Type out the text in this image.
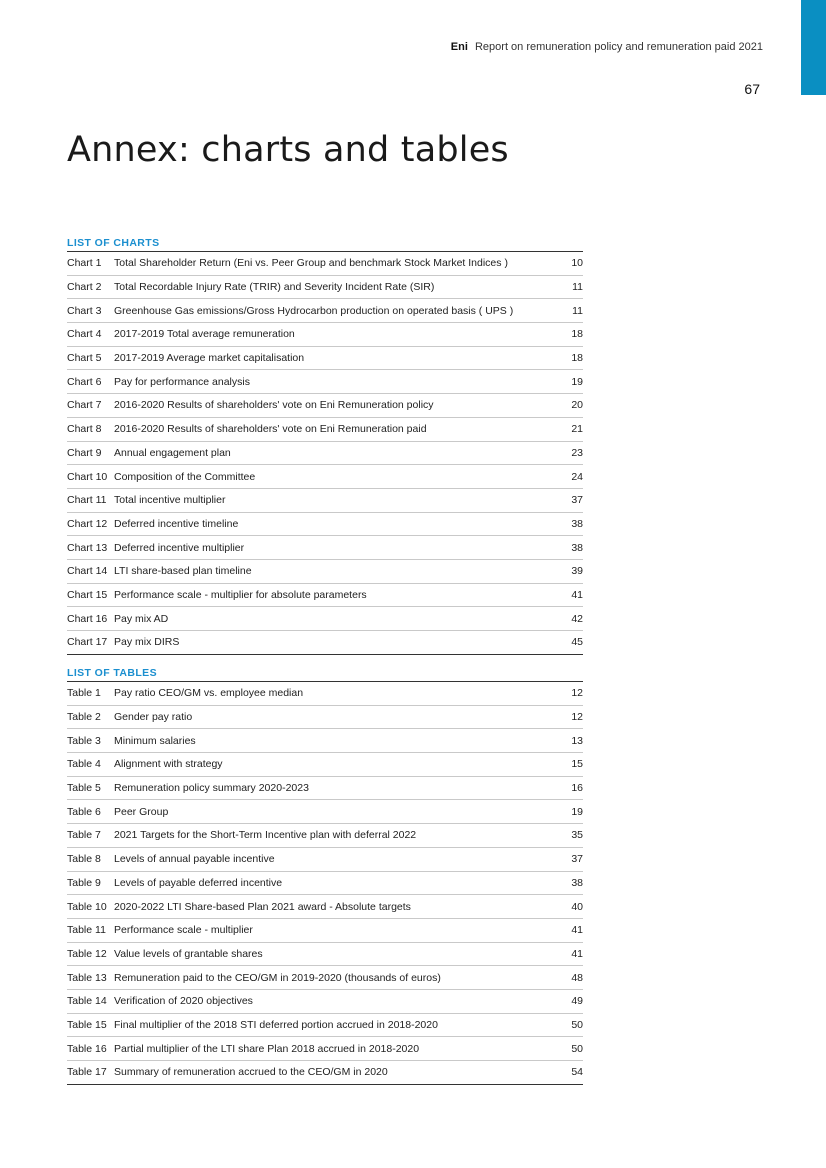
Eni Report on remuneration policy and remuneration paid 2021
67
Annex: charts and tables
LIST OF CHARTS
Chart 1	Total Shareholder Return (Eni vs. Peer Group and benchmark Stock Market Indices )	10
Chart 2	Total Recordable Injury Rate (TRIR) and Severity Incident Rate (SIR)	11
Chart 3	Greenhouse Gas emissions/Gross Hydrocarbon production on operated basis ( UPS )	11
Chart 4	2017-2019 Total average remuneration	18
Chart 5	2017-2019 Average market capitalisation	18
Chart 6	Pay for performance analysis	19
Chart 7	2016-2020 Results of shareholders' vote on Eni Remuneration policy	20
Chart 8	2016-2020 Results of shareholders' vote on Eni Remuneration paid	21
Chart 9	Annual engagement plan	23
Chart 10 Composition of the Committee	24
Chart 11 Total incentive multiplier	37
Chart 12 Deferred incentive timeline	38
Chart 13 Deferred incentive multiplier	38
Chart 14 LTI share-based plan timeline	39
Chart 15 Performance scale - multiplier for absolute parameters	41
Chart 16 Pay mix AD	42
Chart 17 Pay mix DIRS	45
LIST OF TABLES
Table 1	Pay ratio CEO/GM vs. employee median	12
Table 2	Gender pay ratio	12
Table 3	Minimum salaries	13
Table 4	Alignment with strategy	15
Table 5	Remuneration policy summary 2020-2023	16
Table 6	Peer Group	19
Table 7	2021 Targets for the Short-Term Incentive plan with deferral 2022	35
Table 8	Levels of annual payable incentive	37
Table 9	Levels of payable deferred incentive	38
Table 10 2020-2022 LTI Share-based Plan 2021 award - Absolute targets	40
Table 11 Performance scale - multiplier	41
Table 12 Value levels of grantable shares	41
Table 13 Remuneration paid to the CEO/GM in 2019-2020 (thousands of euros)	48
Table 14 Verification of 2020 objectives	49
Table 15 Final multiplier of the 2018 STI deferred portion accrued in 2018-2020	50
Table 16 Partial multiplier of the LTI share Plan 2018 accrued in 2018-2020	50
Table 17 Summary of remuneration accrued to the CEO/GM in 2020	54
